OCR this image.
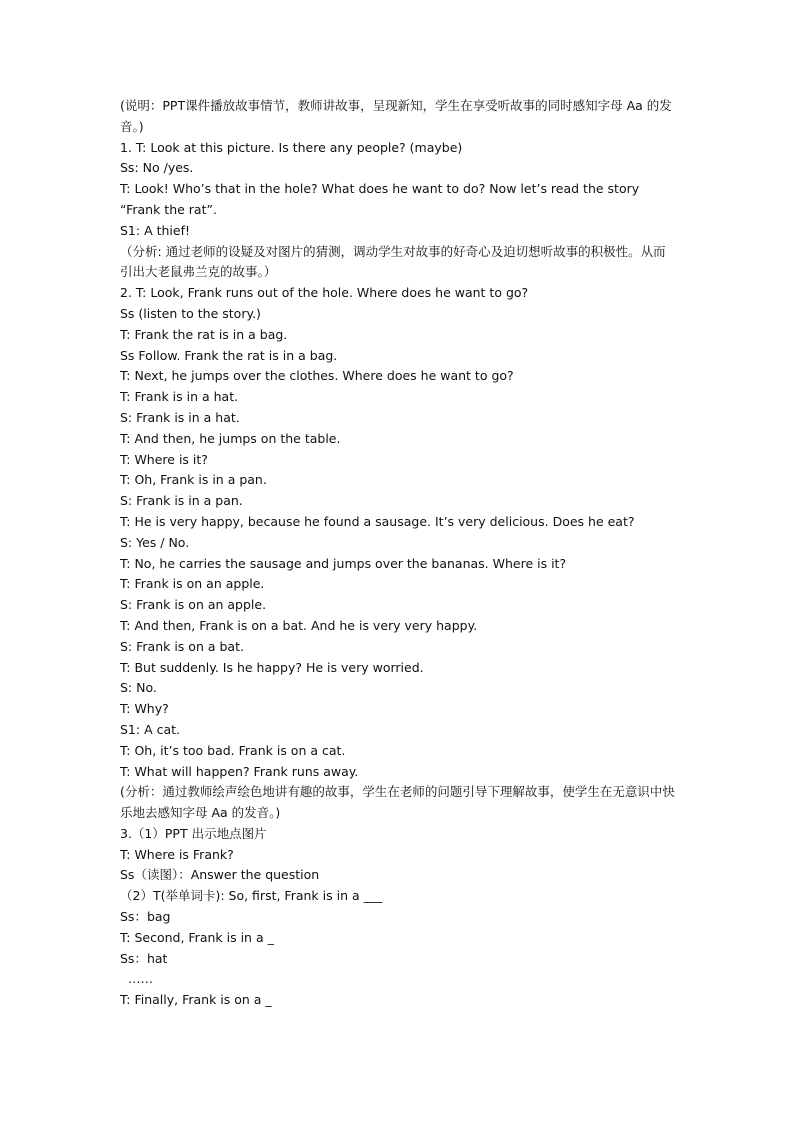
(说明：PPT课件播放故事情节，教师讲故事，呈现新知，学生在享受听故事的同时感知字母 Aa 的发音。)

1. T: Look at this picture. Is there any people? (maybe)

Ss: No /yes.

T: Look! Who’s that in the hole? What does he want to do? Now let’s read the story  “Frank the rat”.

S1: A thief!

（分析: 通过老师的设疑及对图片的猜测，调动学生对故事的好奇心及迫切想听故事的积极性。从而引出大老鼠弗兰克的故事。）

2. T: Look, Frank runs out of the hole. Where does he want to go?

Ss (listen to the story.)

T: Frank the rat is in a bag.

Ss Follow. Frank the rat is in a bag.

T: Next, he jumps over the clothes. Where does he want to go?

T: Frank is in a hat.

S: Frank is in a hat.

T: And then, he jumps on the table.

T: Where is it?

T: Oh, Frank is in a pan.

S: Frank is in a pan.

T: He is very happy, because he found a sausage. It’s very delicious. Does he eat?

S: Yes / No.

T: No, he carries the sausage and jumps over the bananas. Where is it?

T: Frank is on an apple.

S: Frank is on an apple.

T: And then, Frank is on a bat. And he is very very happy.

S: Frank is on a bat.

T: But suddenly. Is he happy? He is very worried.

S: No.

T: Why?

S1: A cat.

T: Oh, it’s too bad. Frank is on a cat.

T: What will happen? Frank runs away.

(分析：通过教师绘声绘色地讲有趣的故事，学生在老师的问题引导下理解故事，使学生在无意识中快乐地去感知字母 Aa 的发音。)

3.（1）PPT 出示地点图片

T: Where is Frank?

Ss（读图）：Answer the question

（2）T(举单词卡): So, first, Frank is in a ___

Ss：bag

T: Second, Frank is in a _

Ss：hat

……

T: Finally, Frank is on a _
